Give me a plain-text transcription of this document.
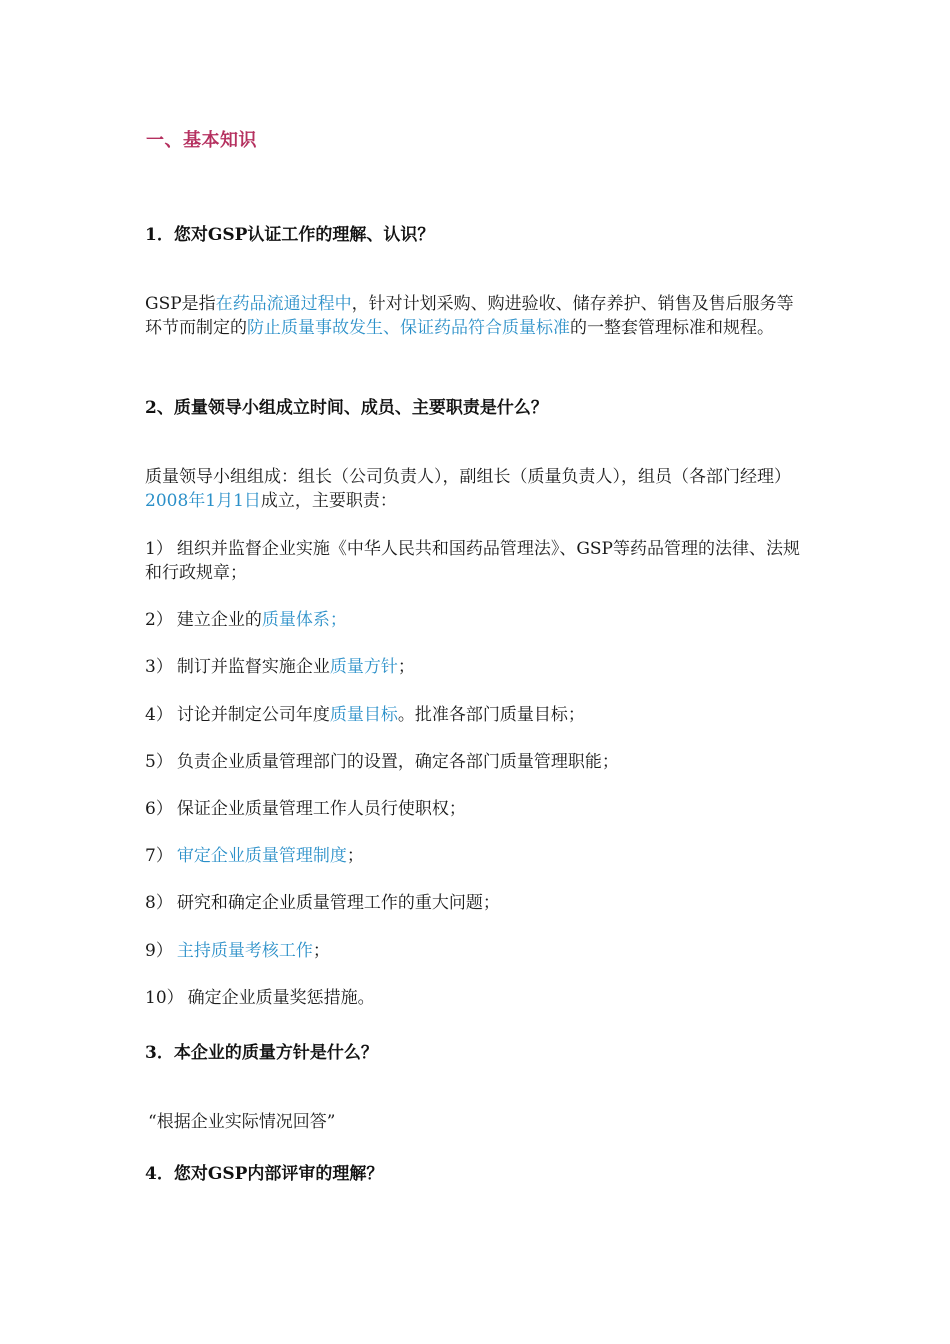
一、基本知识
1．您对GSP认证工作的理解、认识？
GSP是指在药品流通过程中，针对计划采购、购进验收、储存养护、销售及售后服务等环节而制定的防止质量事故发生、保证药品符合质量标准的一整套管理标准和规程。
2、质量领导小组成立时间、成员、主要职责是什么？
质量领导小组组成：组长（公司负责人），副组长（质量负责人），组员（各部门经理）2008年1月1日成立，主要职责：
1） 组织并监督企业实施《中华人民共和国药品管理法》、GSP等药品管理的法律、法规和行政规章；
2） 建立企业的质量体系；
3） 制订并监督实施企业质量方针；
4） 讨论并制定公司年度质量目标。批准各部门质量目标；
5） 负责企业质量管理部门的设置，确定各部门质量管理职能；
6） 保证企业质量管理工作人员行使职权；
7） 审定企业质量管理制度；
8） 研究和确定企业质量管理工作的重大问题；
9） 主持质量考核工作；
10） 确定企业质量奖惩措施。
3．本企业的质量方针是什么？
“根据企业实际情况回答”
4．您对GSP内部评审的理解？
